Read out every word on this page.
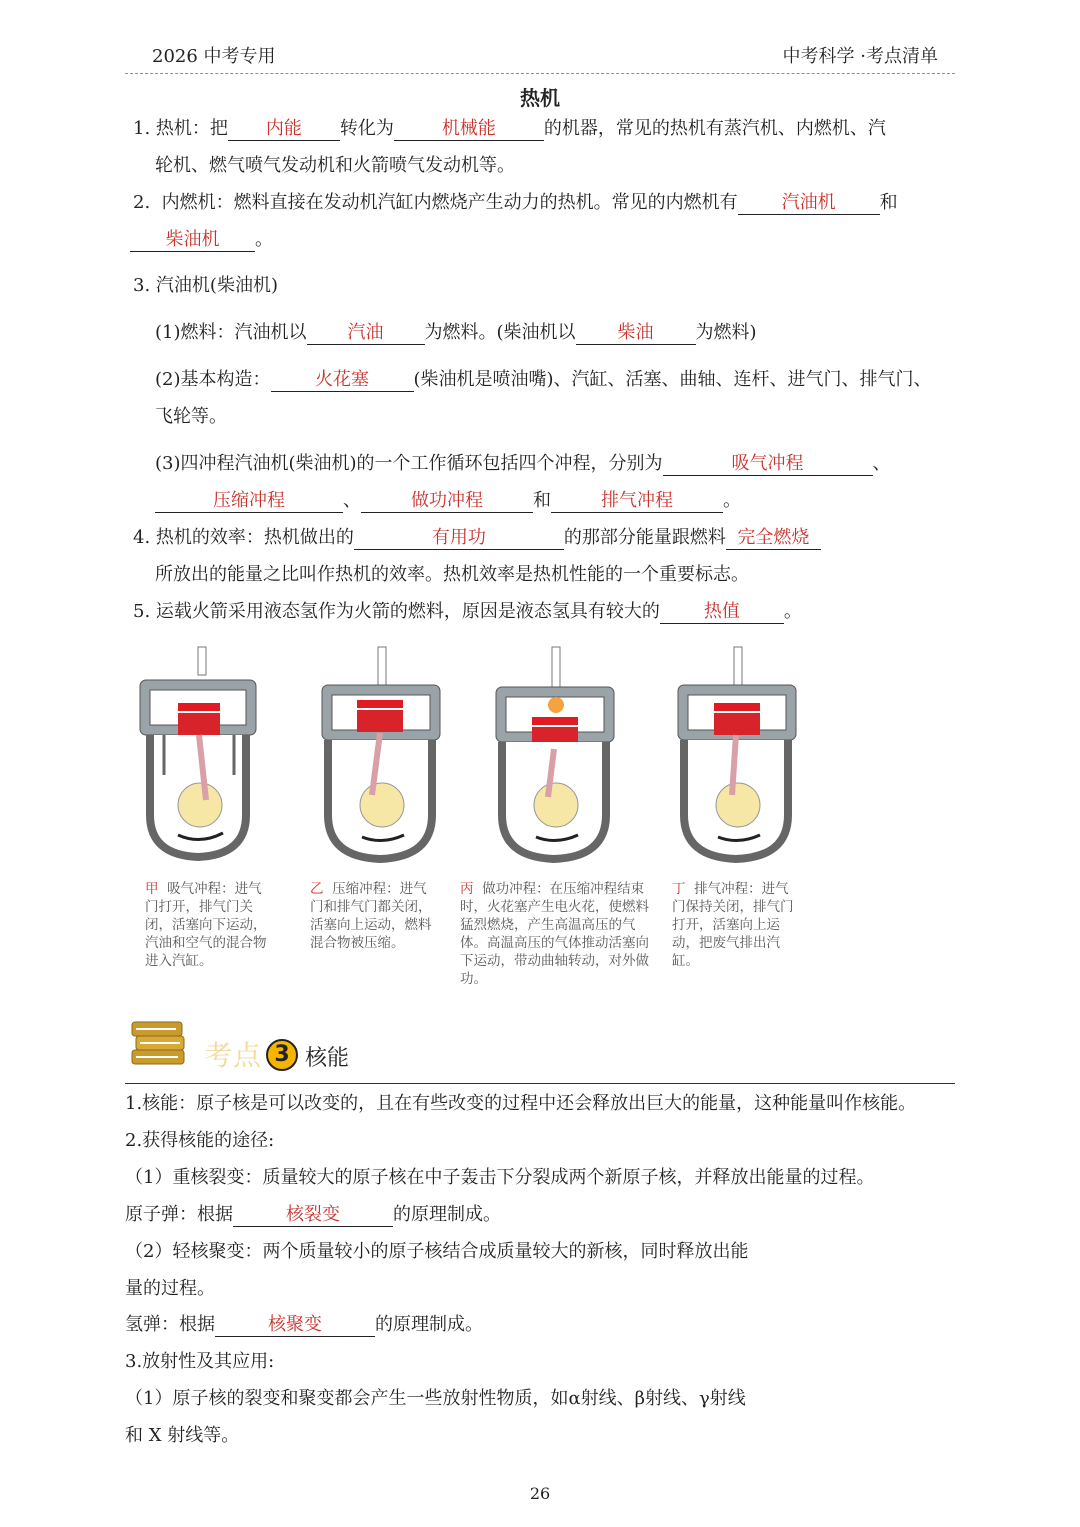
2026 中考专用	中考科学 ·考点清单
热机
1. 热机：把 内能 转化为	机械能	的机器，常见的热机有蒸汽机、内燃机、汽
轮机、燃气喷气发动机和火箭喷气发动机等。
2. 内燃机：燃料直接在发动机汽缸内燃烧产生动力的热机。常见的内燃机有 汽油机 和
柴油机 。
3. 汽油机(柴油机)
(1)燃料：汽油机以 汽油 为燃料。(柴油机以 柴油 为燃料)
(2)基本构造： 火花塞 (柴油机是喷油嘴)、汽缸、活塞、曲轴、连杆、进气门、排气门、
飞轮等。
(3)四冲程汽油机(柴油机)的一个工作循环包括四个冲程，分别为	吸气冲程	、
压缩冲程	、	做功冲程	和	排气冲程	。
4. 热机的效率：热机做出的	有用功	的那部分能量跟燃料 完全燃烧
所放出的能量之比叫作热机的效率。热机效率是热机性能的一个重要标志。
5. 运载火箭采用液态氢作为火箭的燃料，原因是液态氢具有较大的 热值 。
甲 吸气冲程：进气门打开，排气门关闭，活塞向下运动，汽油和空气的混合物进入汽缸。
乙 压缩冲程：进气门和排气门都关闭，活塞向上运动，燃料混合物被压缩。
丙 做功冲程：在压缩冲程结束时，火花塞产生电火花，使燃料猛烈燃烧，产生高温高压的气体。高温高压的气体推动活塞向下运动，带动曲轴转动，对外做功。
丁 排气冲程：进气门保持关闭，排气门打开，活塞向上运动，把废气排出汽缸。
考点 3 核能
1.核能：原子核是可以改变的，且在有些改变的过程中还会释放出巨大的能量，这种能量叫作核能。
2.获得核能的途径:
（1）重核裂变：质量较大的原子核在中子轰击下分裂成两个新原子核，并释放出能量的过程。
原子弹：根据	核裂变	的原理制成。
（2）轻核聚变：两个质量较小的原子核结合成质量较大的新核，同时释放出能
量的过程。
氢弹：根据	核聚变	的原理制成。
3.放射性及其应用:
（1）原子核的裂变和聚变都会产生一些放射性物质，如α射线、β射线、γ射线
和 X 射线等。
26
